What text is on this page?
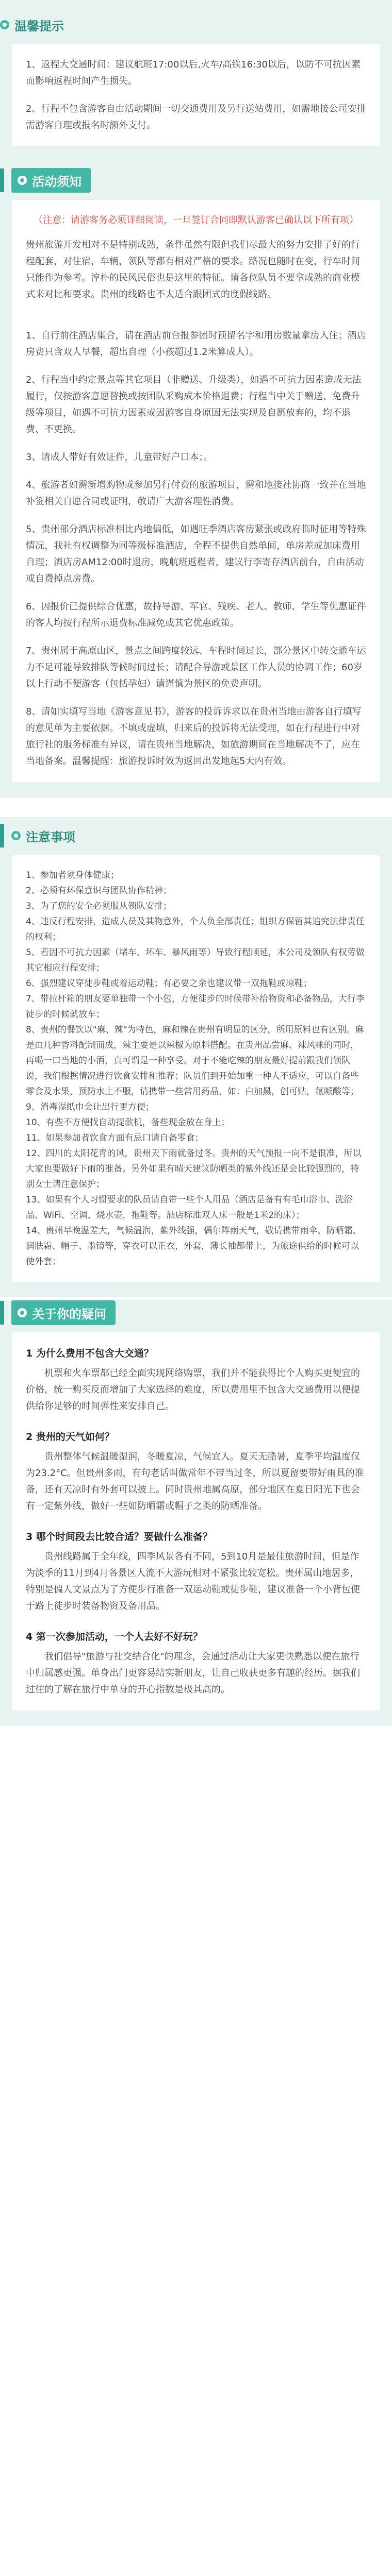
温馨提示

1、返程大交通时间：建议航班17:00以后,火车/高铁16:30以后，以防不可抗因素而影响返程时间产生损失。

2、行程不包含游客自由活动期间一切交通费用及另行送站费用，如需地接公司安排需游客自理或报名时额外支付。

活动须知
（注意：请游客务必须详细阅读，一旦签订合同即默认游客已确认以下所有项）

贵州旅游开发相对不是特别成熟，条件虽然有限但我们尽最大的努力安排了好的行程配套，对住宿，车辆，领队等都有相对严格的要求。路况也随时在变，行车时间只能作为参考。淳朴的民风民俗也是这里的特征。请各位队员不要拿成熟的商业模式来对比和要求。贵州的线路也不太适合跟团式的度假线路。

1、自行前往酒店集合，请在酒店前台报参团时预留名字和用房数量拿房入住；酒店房费只含双人早餐，超出自理（小孩超过1.2米算成人）。

2、行程当中约定景点等其它项目（非赠送、升级类），如遇不可抗力因素造成无法履行，仅按游客意愿替换或按团队采购成本价格退费；行程当中关于赠送、免费升级等项目，如遇不可抗力因素或因游客自身原因无法实现及自愿放弃的，均不退费、不更换。

3、请成人带好有效证件，儿童带好户口本；。

4、旅游者如需新增购物或参加另行付费的旅游项目，需和地接社协商一致并在当地补签相关自愿合同或证明，敬请广大游客理性消费。

5、贵州部分酒店标准相比内地偏低，如遇旺季酒店客房紧张或政府临时征用等特殊情况，我社有权调整为同等级标准酒店，全程不提供自然单间，单房差或加床费用自理；酒店房AM12:00时退房，晚航班返程者，建议行李寄存酒店前台，自由活动或自费掉点房费。

6、因报价已提供综合优惠，故持导游、军官、残疾、老人、教师、学生等优惠证件的客人均按行程所示退费标准减免或其它优惠政策。

7、贵州属于高原山区，景点之间跨度较远、车程时间过长，部分景区中转交通车运力不足可能导致排队等候时间过长；请配合导游或景区工作人员的协调工作；60岁以上行动不便游客（包括孕妇）请谨慎为景区的免费声明。

8、请如实填写当地《游客意见书》，游客的投诉诉求以在贵州当地由游客自行填写的意见单为主要依据。不填或虚填，归来后的投诉将无法受理，如在行程进行中对旅行社的服务标准有异议，请在贵州当地解决，如旅游期间在当地解决不了，应在当地备案。温馨提醒：旅游投诉时效为返回出发地起5天内有效。

注意事项

1、参加者须身体健康；

2、必须有环保意识与团队协作精神；

3、为了您的安全必须服从领队安排；

4、违反行程安排，造成人员及其物意外，个人负全部责任；组织方保留其追究法律责任的权利；

5、若因不可抗力因素（堵车、坏车、暴风雨等）导致行程顺延，本公司及领队有权劳做其它相应行程安排；

6、强烈建议穿徒步鞋或着运动鞋；有必要之余也建议带一双拖鞋或凉鞋；

7、带拉杆箱的朋友要单独带一个小包，方便徒步的时候带补给物资和必备物品，大行李徒步的时候就放车；

8、贵州的餐饮以"麻、辣"为特色，麻和辣在贵州有明显的区分，所用原料也有区别。麻是由几种香料配制而成，辣主要是以辣椒为原料搭配。在贵州品尝麻、辣风味的同时，再喝一口当地的小酒，真可谓是一种享受。对于不能吃辣的朋友最好提前跟我们领队说，我们根据情况进行饮食安排和推荐；队员们到开始加重一种人不适应，可以自备些零食及水果，预防水土不服，请携带一些常用药品，如：白加黑，创可贴，氟哌酸等；

9、消毒湿纸巾会让出行更方便；

10、有些不方便找自动提款机，备些现金放在身上；

11、如果参加者饮食方面有忌口请自备零食；

12、四川的太阳花青的风，贵州天下雨就备过冬。贵州的天气预报一向不是很准，所以大家也要做好下雨的准备。另外如果有晴天建议防晒类的紫外线还是会比较强烈的，特别女士请注意保护；

13、如果有个人习惯要求的队员请自带一些个人用品（酒店是备有有毛巾浴巾、洗浴品、WiFi、空调、烧水壶，拖鞋等。酒店标准双人床一般是1米2的床）；

14、贵州早晚温差大，气候温润，紫外线强，偶尔阵雨天气，敬请携带雨伞、防晒霜、润肤霜、帽子、墨镜等，穿衣可以正衣，外套，薄长袖都带上，为旅途供给的时候可以使外套；

关于你的疑问
1 为什么费用不包含大交通？
机票和火车票都已经全面实现网络购票，我们并不能获得比个人购买更便宜的价格，统一购买反而增加了大家选择的难度，所以费用里不包含大交通费用以便提供给你足够的时间弹性来安排自己。
2 贵州的天气如何？
贵州整体气候温暖湿润，冬暖夏凉，气候宜人。夏天无酷暑，夏季平均温度仅为23.2°C。但贵州多雨，有句老话叫做常年不带当过冬，所以夏留要带好雨具的准备，还有天凉时有外套可以披上。同时贵州地属高原，部分地区在夏日阳光下也会有一定紫外线，做好一些如防晒霜或帽子之类的防晒准备。
3 哪个时间段去比较合适？要做什么准备？
贵州线路属于全年线，四季风景各有不同，5到10月是最佳旅游时间，但是作为淡季的11月到4月各景区人流不大游玩相对不紧张比较宽松。贵州属山地居多，特别是偏人文景点为了方便步行准备一双运动鞋或徒步鞋，建议准备一个小背包便于路上徒步时装备物资及备用品。
4 第一次参加活动，一个人去好不好玩？
我们倡导"旅游与社交结合化"的理念，会通过活动让大家更快熟悉以便在旅行中归属感更强。单身出门更容易结实新朋友，让自己收获更多有趣的经历。据我们过往的了解在旅行中单身的开心指数是极其高的。
